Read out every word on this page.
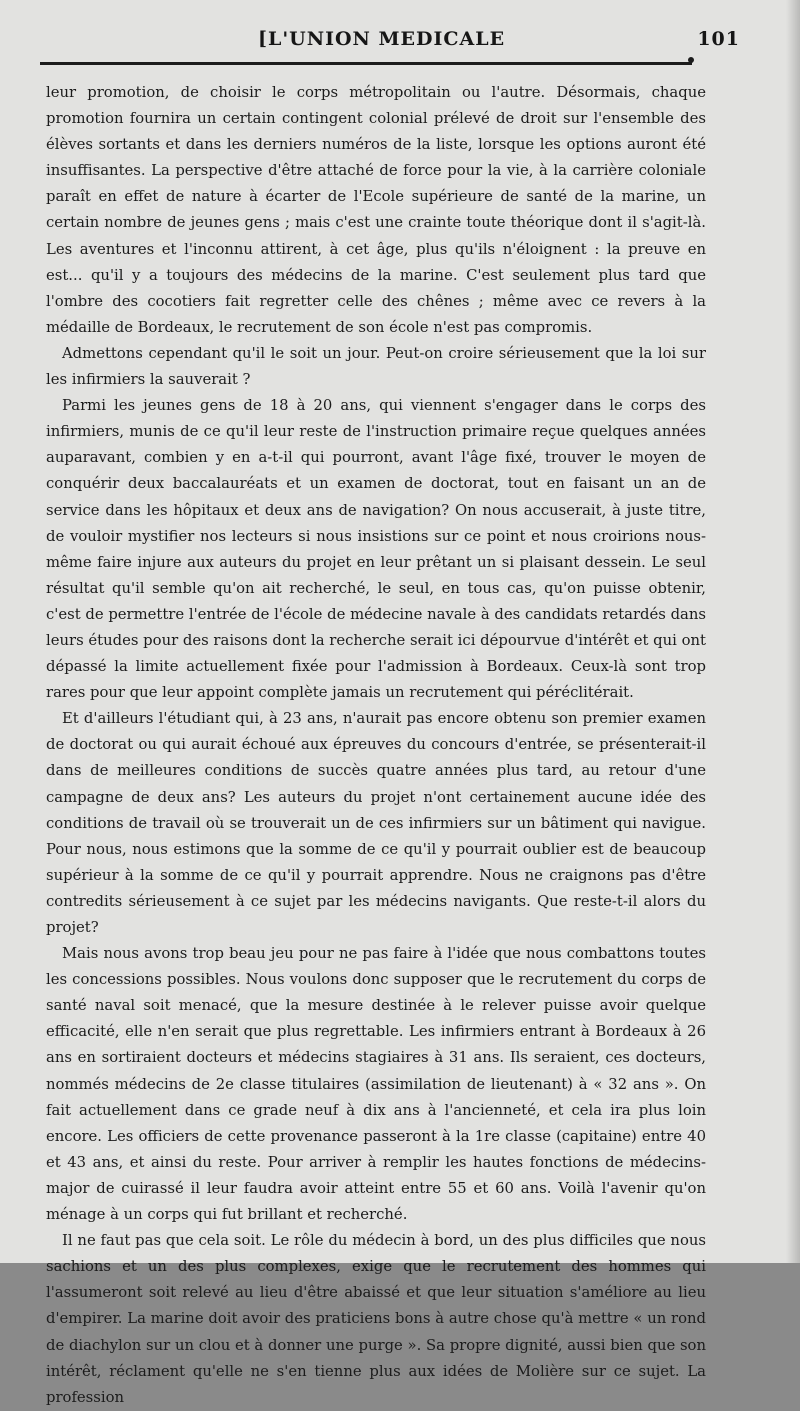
[L'UNION MEDICALE	101

leur promotion, de choisir le corps métropolitain ou l'autre. Désormais, chaque promotion fournira un certain contingent colonial prélevé de droit sur l'ensemble des élèves sortants et dans les derniers numéros de la liste, lorsque les options auront été insuffisantes. La perspective d'être attaché de force pour la vie, à la carrière coloniale paraît en effet de nature à écarter de l'Ecole supérieure de santé de la marine, un certain nombre de jeunes gens ; mais c'est une crainte toute théorique dont il s'agit-là. Les aventures et l'inconnu attirent, à cet âge, plus qu'ils n'éloignent : la preuve en est... qu'il y a toujours des médecins de la marine. C'est seulement plus tard que l'ombre des cocotiers fait regretter celle des chênes ; même avec ce revers à la médaille de Bordeaux, le recrutement de son école n'est pas compromis.

Admettons cependant qu'il le soit un jour. Peut-on croire sérieusement que la loi sur les infirmiers la sauverait ?

Parmi les jeunes gens de 18 à 20 ans, qui viennent s'engager dans le corps des infirmiers, munis de ce qu'il leur reste de l'instruction primaire reçue quelques années auparavant, combien y en a-t-il qui pourront, avant l'âge fixé, trouver le moyen de conquérir deux baccalauréats et un examen de doctorat, tout en faisant un an de service dans les hôpitaux et deux ans de navigation? On nous accuserait, à juste titre, de vouloir mystifier nos lecteurs si nous insistions sur ce point et nous croirions nous-même faire injure aux auteurs du projet en leur prêtant un si plaisant dessein. Le seul résultat qu'il semble qu'on ait recherché, le seul, en tous cas, qu'on puisse obtenir, c'est de permettre l'entrée de l'école de médecine navale à des candidats retardés dans leurs études pour des raisons dont la recherche serait ici dépourvue d'intérêt et qui ont dépassé la limite actuellement fixée pour l'admission à Bordeaux. Ceux-là sont trop rares pour que leur appoint complète jamais un recrutement qui péréclitérait.

Et d'ailleurs l'étudiant qui, à 23 ans, n'aurait pas encore obtenu son premier examen de doctorat ou qui aurait échoué aux épreuves du concours d'entrée, se présenterait-il dans de meilleures conditions de succès quatre années plus tard, au retour d'une campagne de deux ans? Les auteurs du projet n'ont certainement aucune idée des conditions de travail où se trouverait un de ces infirmiers sur un bâtiment qui navigue. Pour nous, nous estimons que la somme de ce qu'il y pourrait oublier est de beaucoup supérieur à la somme de ce qu'il y pourrait apprendre. Nous ne craignons pas d'être contredits sérieusement à ce sujet par les médecins navigants. Que reste-t-il alors du projet?

Mais nous avons trop beau jeu pour ne pas faire à l'idée que nous combattons toutes les concessions possibles. Nous voulons donc supposer que le recrutement du corps de santé naval soit menacé, que la mesure destinée à le relever puisse avoir quelque efficacité, elle n'en serait que plus regrettable. Les infirmiers entrant à Bordeaux à 26 ans en sortiraient docteurs et médecins stagiaires à 31 ans. Ils seraient, ces docteurs, nommés médecins de 2e classe titulaires (assimilation de lieutenant) à « 32 ans ». On fait actuellement dans ce grade neuf à dix ans à l'ancienneté, et cela ira plus loin encore. Les officiers de cette provenance passeront à la 1re classe (capitaine) entre 40 et 43 ans, et ainsi du reste. Pour arriver à remplir les hautes fonctions de médecins-major de cuirassé il leur faudra avoir atteint entre 55 et 60 ans. Voilà l'avenir qu'on ménage à un corps qui fut brillant et recherché.

Il ne faut pas que cela soit. Le rôle du médecin à bord, un des plus difficiles que nous sachions et un des plus complexes, exige que le recrutement des hommes qui l'assumeront soit relevé au lieu d'être abaissé et que leur situation s'améliore au lieu d'empirer. La marine doit avoir des praticiens bons à autre chose qu'à mettre « un rond de diachylon sur un clou et à donner une purge ». Sa propre dignité, aussi bien que son intérêt, réclament qu'elle ne s'en tienne plus aux idées de Molière sur ce sujet. La profession
